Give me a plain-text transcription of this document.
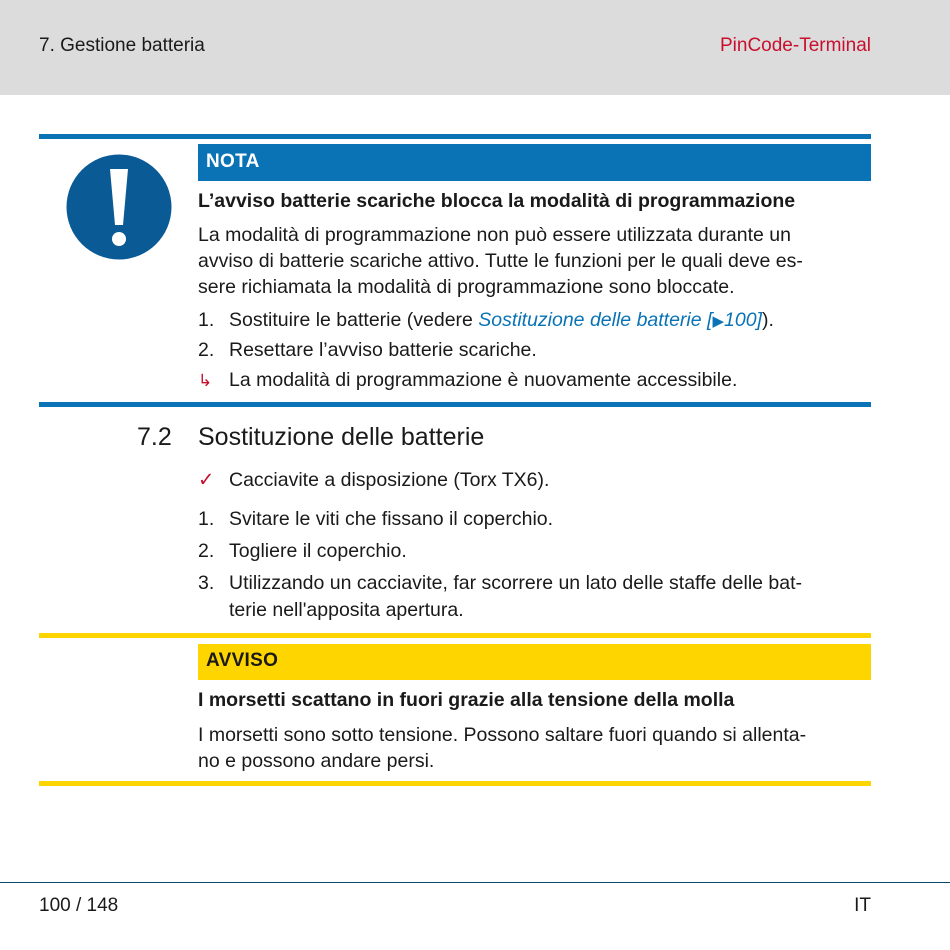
7. Gestione batteria	PinCode-Terminal
NOTA
L’avviso batterie scariche blocca la modalità di programmazione
La modalità di programmazione non può essere utilizzata durante un
avviso di batterie scariche attivo. Tutte le funzioni per le quali deve es-
sere richiamata la modalità di programmazione sono bloccate.
1. Sostituire le batterie (vedere Sostituzione delle batterie [▶100]).
2. Resettare l’avviso batterie scariche.
↳ La modalità di programmazione è nuovamente accessibile.
7.2 Sostituzione delle batterie
✓ Cacciavite a disposizione (Torx TX6).
1. Svitare le viti che fissano il coperchio.
2. Togliere il coperchio.
3. Utilizzando un cacciavite, far scorrere un lato delle staffe delle bat-
terie nell'apposita apertura.
AVVISO
I morsetti scattano in fuori grazie alla tensione della molla
I morsetti sono sotto tensione. Possono saltare fuori quando si allenta-
no e possono andare persi.
100 / 148	IT
